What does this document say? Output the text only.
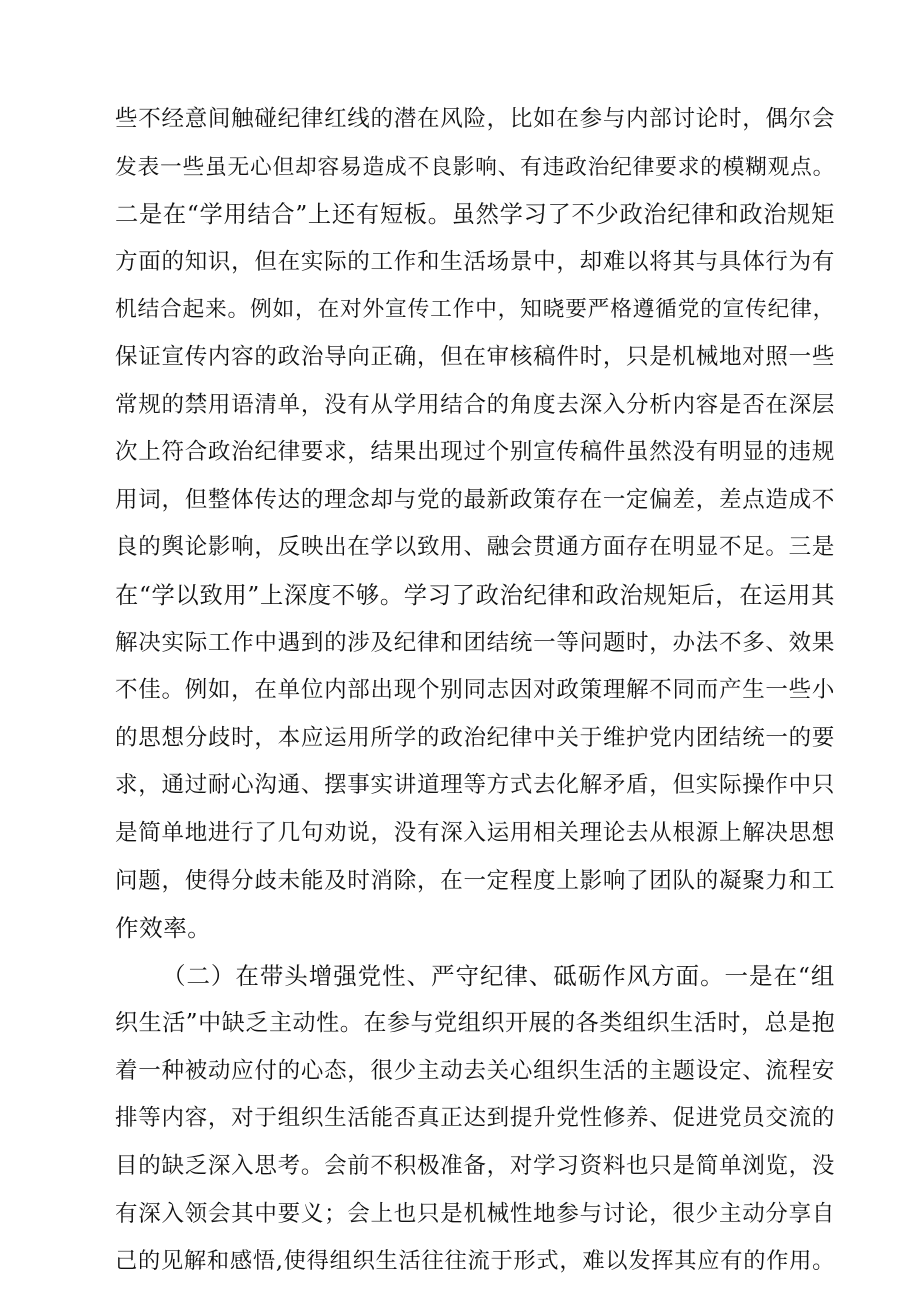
些不经意间触碰纪律红线的潜在风险，比如在参与内部讨论时，偶尔会
发表一些虽无心但却容易造成不良影响、有违政治纪律要求的模糊观点。
二是在“学用结合”上还有短板。虽然学习了不少政治纪律和政治规矩
方面的知识，但在实际的工作和生活场景中，却难以将其与具体行为有
机结合起来。例如，在对外宣传工作中，知晓要严格遵循党的宣传纪律，
保证宣传内容的政治导向正确，但在审核稿件时，只是机械地对照一些
常规的禁用语清单，没有从学用结合的角度去深入分析内容是否在深层
次上符合政治纪律要求，结果出现过个别宣传稿件虽然没有明显的违规
用词，但整体传达的理念却与党的最新政策存在一定偏差，差点造成不
良的舆论影响，反映出在学以致用、融会贯通方面存在明显不足。三是
在“学以致用”上深度不够。学习了政治纪律和政治规矩后，在运用其
解决实际工作中遇到的涉及纪律和团结统一等问题时，办法不多、效果
不佳。例如，在单位内部出现个别同志因对政策理解不同而产生一些小
的思想分歧时，本应运用所学的政治纪律中关于维护党内团结统一的要
求，通过耐心沟通、摆事实讲道理等方式去化解矛盾，但实际操作中只
是简单地进行了几句劝说，没有深入运用相关理论去从根源上解决思想
问题，使得分歧未能及时消除，在一定程度上影响了团队的凝聚力和工
作效率。
（二）在带头增强党性、严守纪律、砥砺作风方面。一是在“组
织生活”中缺乏主动性。在参与党组织开展的各类组织生活时，总是抱
着一种被动应付的心态，很少主动去关心组织生活的主题设定、流程安
排等内容，对于组织生活能否真正达到提升党性修养、促进党员交流的
目的缺乏深入思考。会前不积极准备，对学习资料也只是简单浏览，没
有深入领会其中要义；会上也只是机械性地参与讨论，很少主动分享自
己的见解和感悟,使得组织生活往往流于形式，难以发挥其应有的作用。
